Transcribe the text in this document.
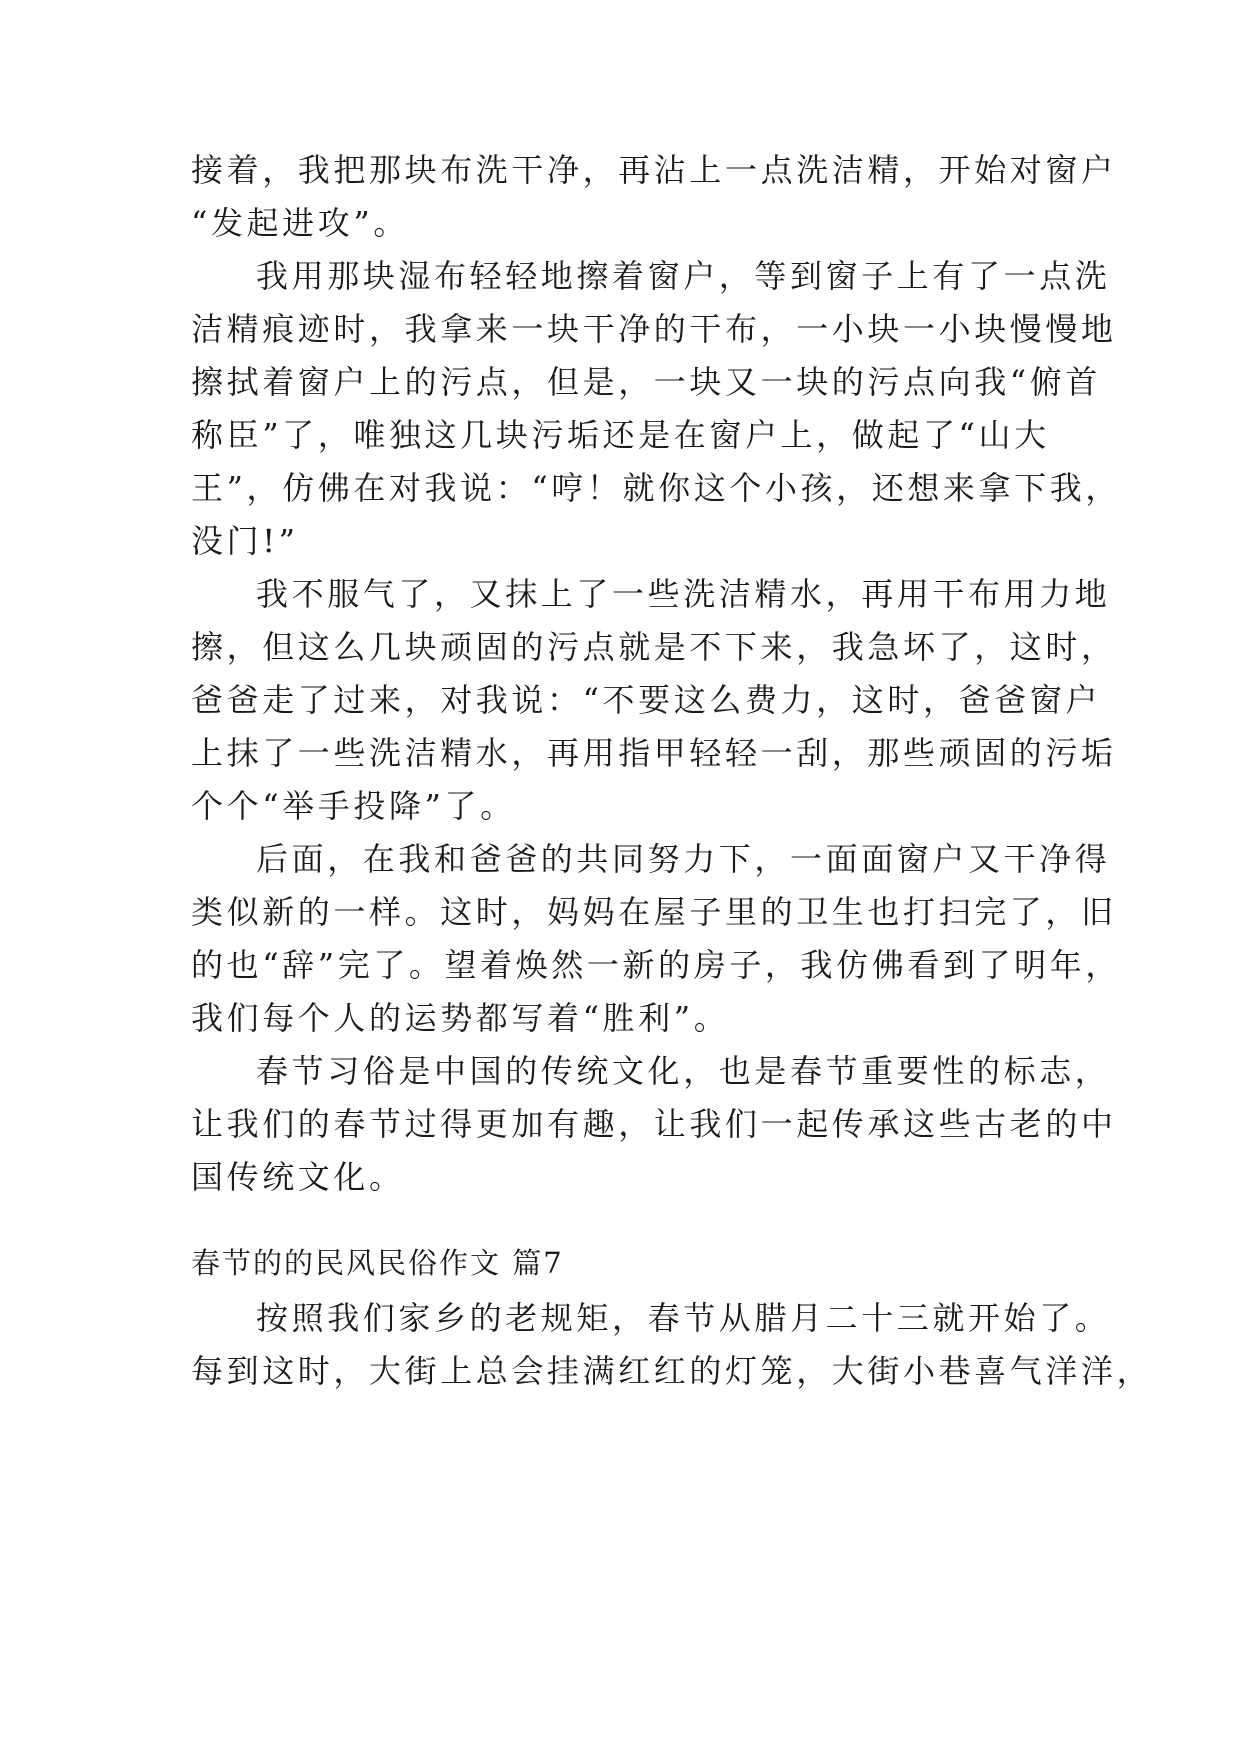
接着，我把那块布洗干净，再沾上一点洗洁精，开始对窗户
“发起进攻”。
我用那块湿布轻轻地擦着窗户，等到窗子上有了一点洗
洁精痕迹时，我拿来一块干净的干布，一小块一小块慢慢地
擦拭着窗户上的污点，但是，一块又一块的污点向我“俯首
称臣”了，唯独这几块污垢还是在窗户上，做起了“山大
王”，仿佛在对我说：“哼！就你这个小孩，还想来拿下我，
没门!”
我不服气了，又抹上了一些洗洁精水，再用干布用力地
擦，但这么几块顽固的污点就是不下来，我急坏了，这时，
爸爸走了过来，对我说：“不要这么费力，这时，爸爸窗户
上抹了一些洗洁精水，再用指甲轻轻一刮，那些顽固的污垢
个个“举手投降”了。
后面，在我和爸爸的共同努力下，一面面窗户又干净得
类似新的一样。这时，妈妈在屋子里的卫生也打扫完了，旧
的也“辞”完了。望着焕然一新的房子，我仿佛看到了明年，
我们每个人的运势都写着“胜利”。
春节习俗是中国的传统文化，也是春节重要性的标志，
让我们的春节过得更加有趣，让我们一起传承这些古老的中
国传统文化。
春节的的民风民俗作文 篇7
按照我们家乡的老规矩，春节从腊月二十三就开始了。
每到这时，大街上总会挂满红红的灯笼，大街小巷喜气洋洋，
